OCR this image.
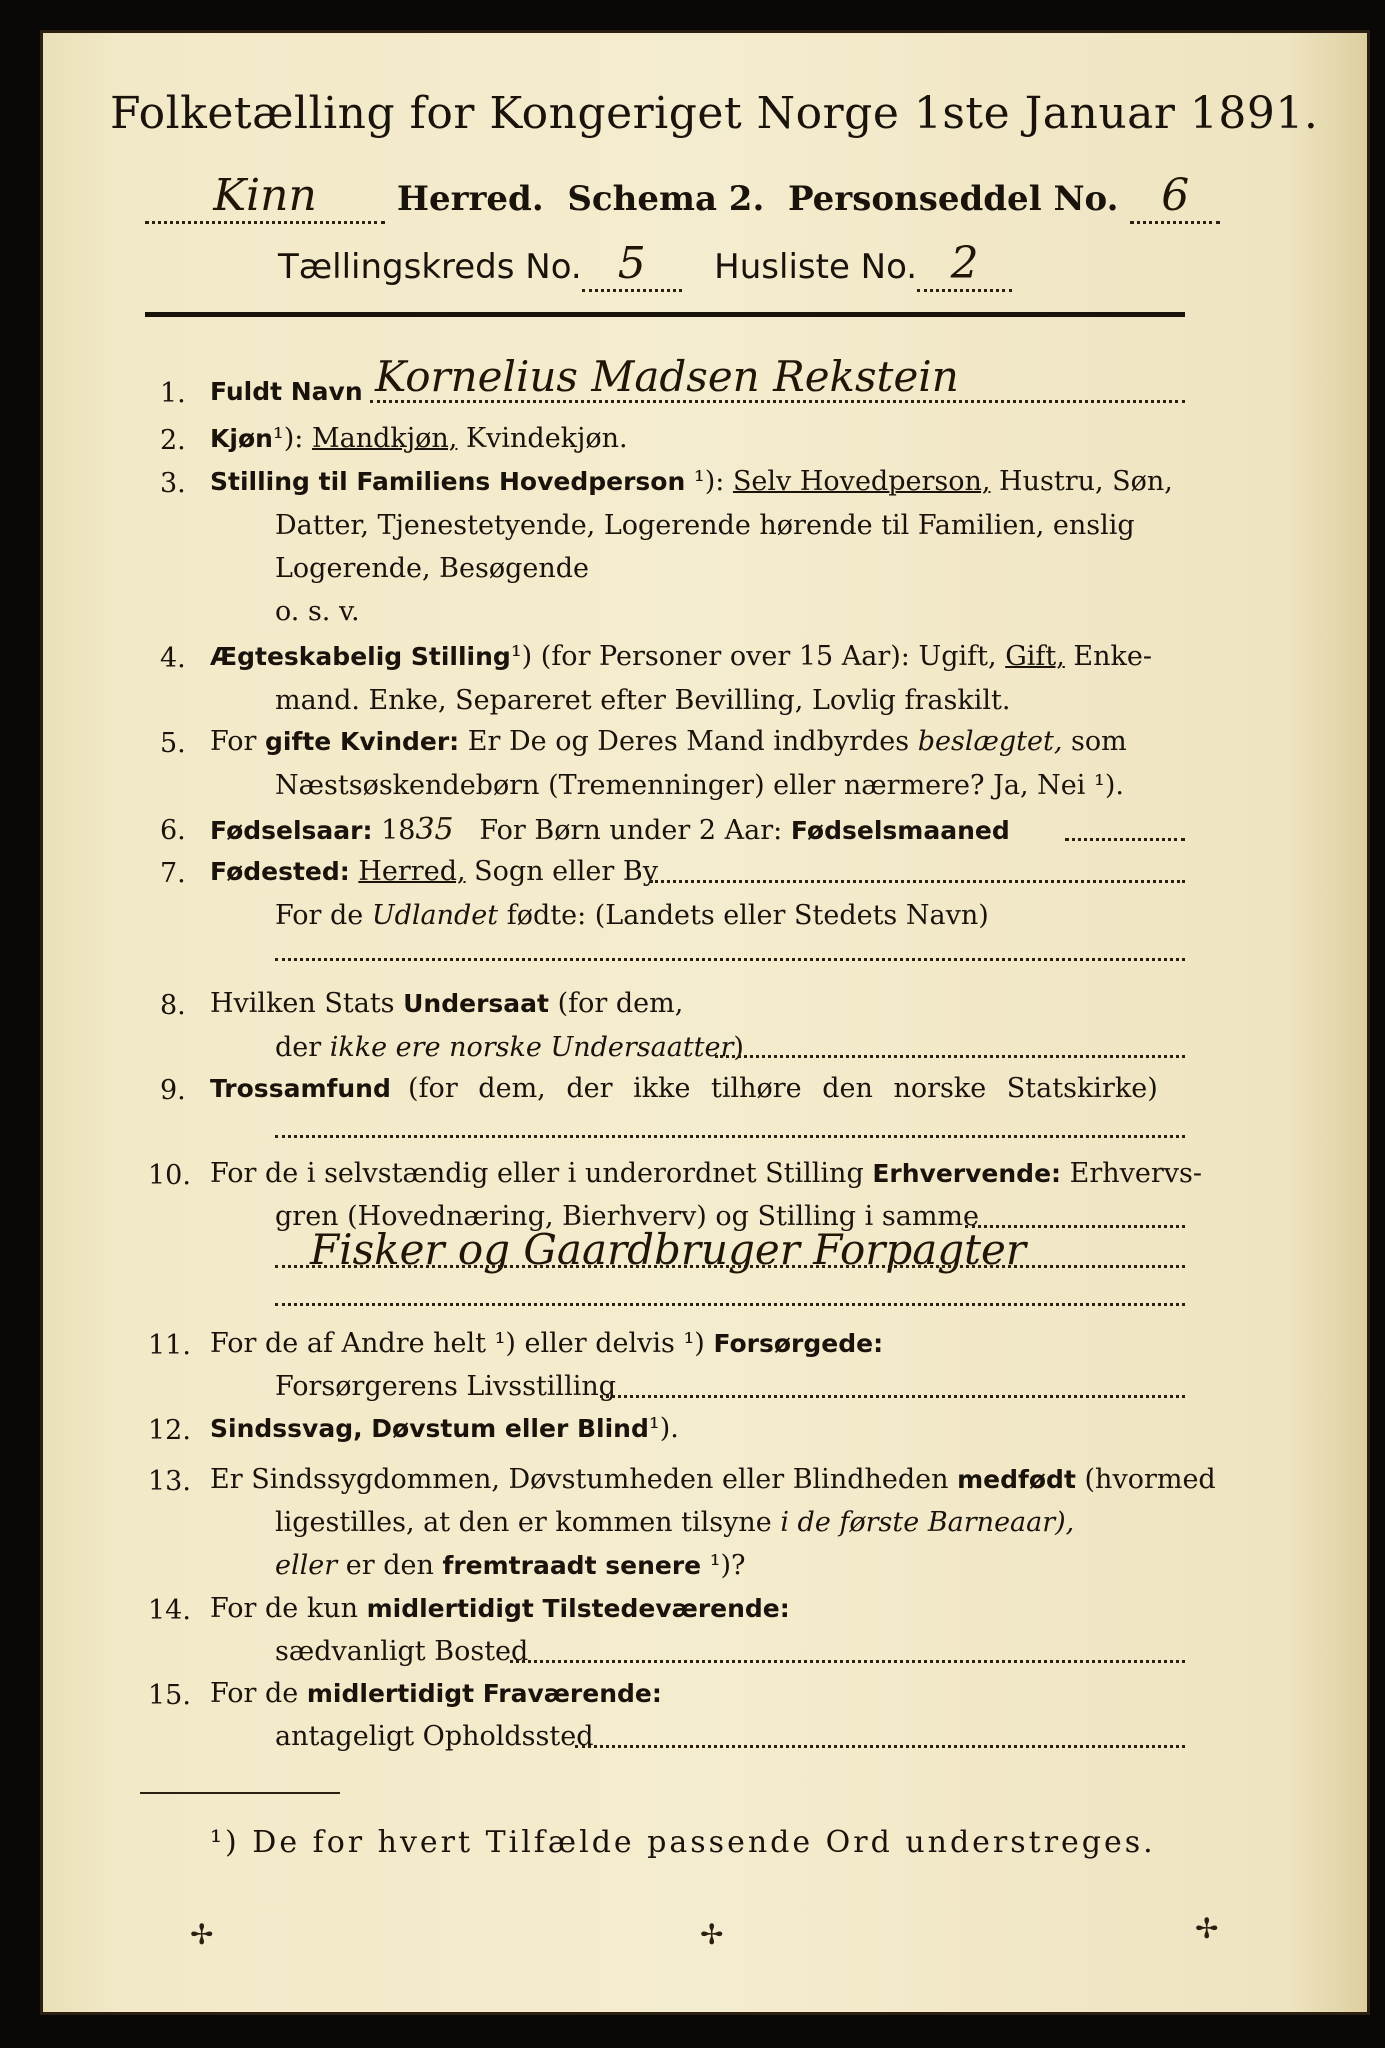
Folketælling for Kongeriget Norge 1ste Januar 1891.
Kinn Herred. Schema 2. Personseddel No. 6
Tællingskreds No. 5 Husliste No. 2
1. Fuldt Navn Kornelius Madsen Rekstein
2. Kjøn¹): Mandkjøn, Kvindekjøn.
3. Stilling til Familiens Hovedperson ¹): Selv Hovedperson, Hustru, Søn,
Datter, Tjenestetyende, Logerende hørende til Familien, enslig
Logerende, Besøgende
o. s. v.
4. Ægteskabelig Stilling¹) (for Personer over 15 Aar): Ugift, Gift, Enke-
mand. Enke, Separeret efter Bevilling, Lovlig fraskilt.
5. For gifte Kvinder: Er De og Deres Mand indbyrdes beslægtet, som
Næstsøskendebørn (Tremenninger) eller nærmere? Ja, Nei ¹).
6. Fødselsaar: 1835 For Børn under 2 Aar: Fødselsmaaned
7. Fødested: Herred, Sogn eller By
For de Udlandet fødte: (Landets eller Stedets Navn)
8. Hvilken Stats Undersaat (for dem,
der ikke ere norske Undersaatter)
9. Trossamfund (for dem, der ikke tilhøre den norske Statskirke)
10. For de i selvstændig eller i underordnet Stilling Erhvervende: Erhvervs-
gren (Hovednæring, Bierhverv) og Stilling i samme
Fisker og Gaardbruger Forpagter
11. For de af Andre helt ¹) eller delvis ¹) Forsørgede:
Forsørgerens Livsstilling
12. Sindssvag, Døvstum eller Blind¹).
13. Er Sindssygdommen, Døvstumheden eller Blindheden medfødt (hvormed
ligestilles, at den er kommen tilsyne i de første Barneaar),
eller er den fremtraadt senere ¹)?
14. For de kun midlertidigt Tilstedeværende:
sædvanligt Bosted
15. For de midlertidigt Fraværende:
antageligt Opholdssted
¹) De for hvert Tilfælde passende Ord understreges.
✢	✢	✢
